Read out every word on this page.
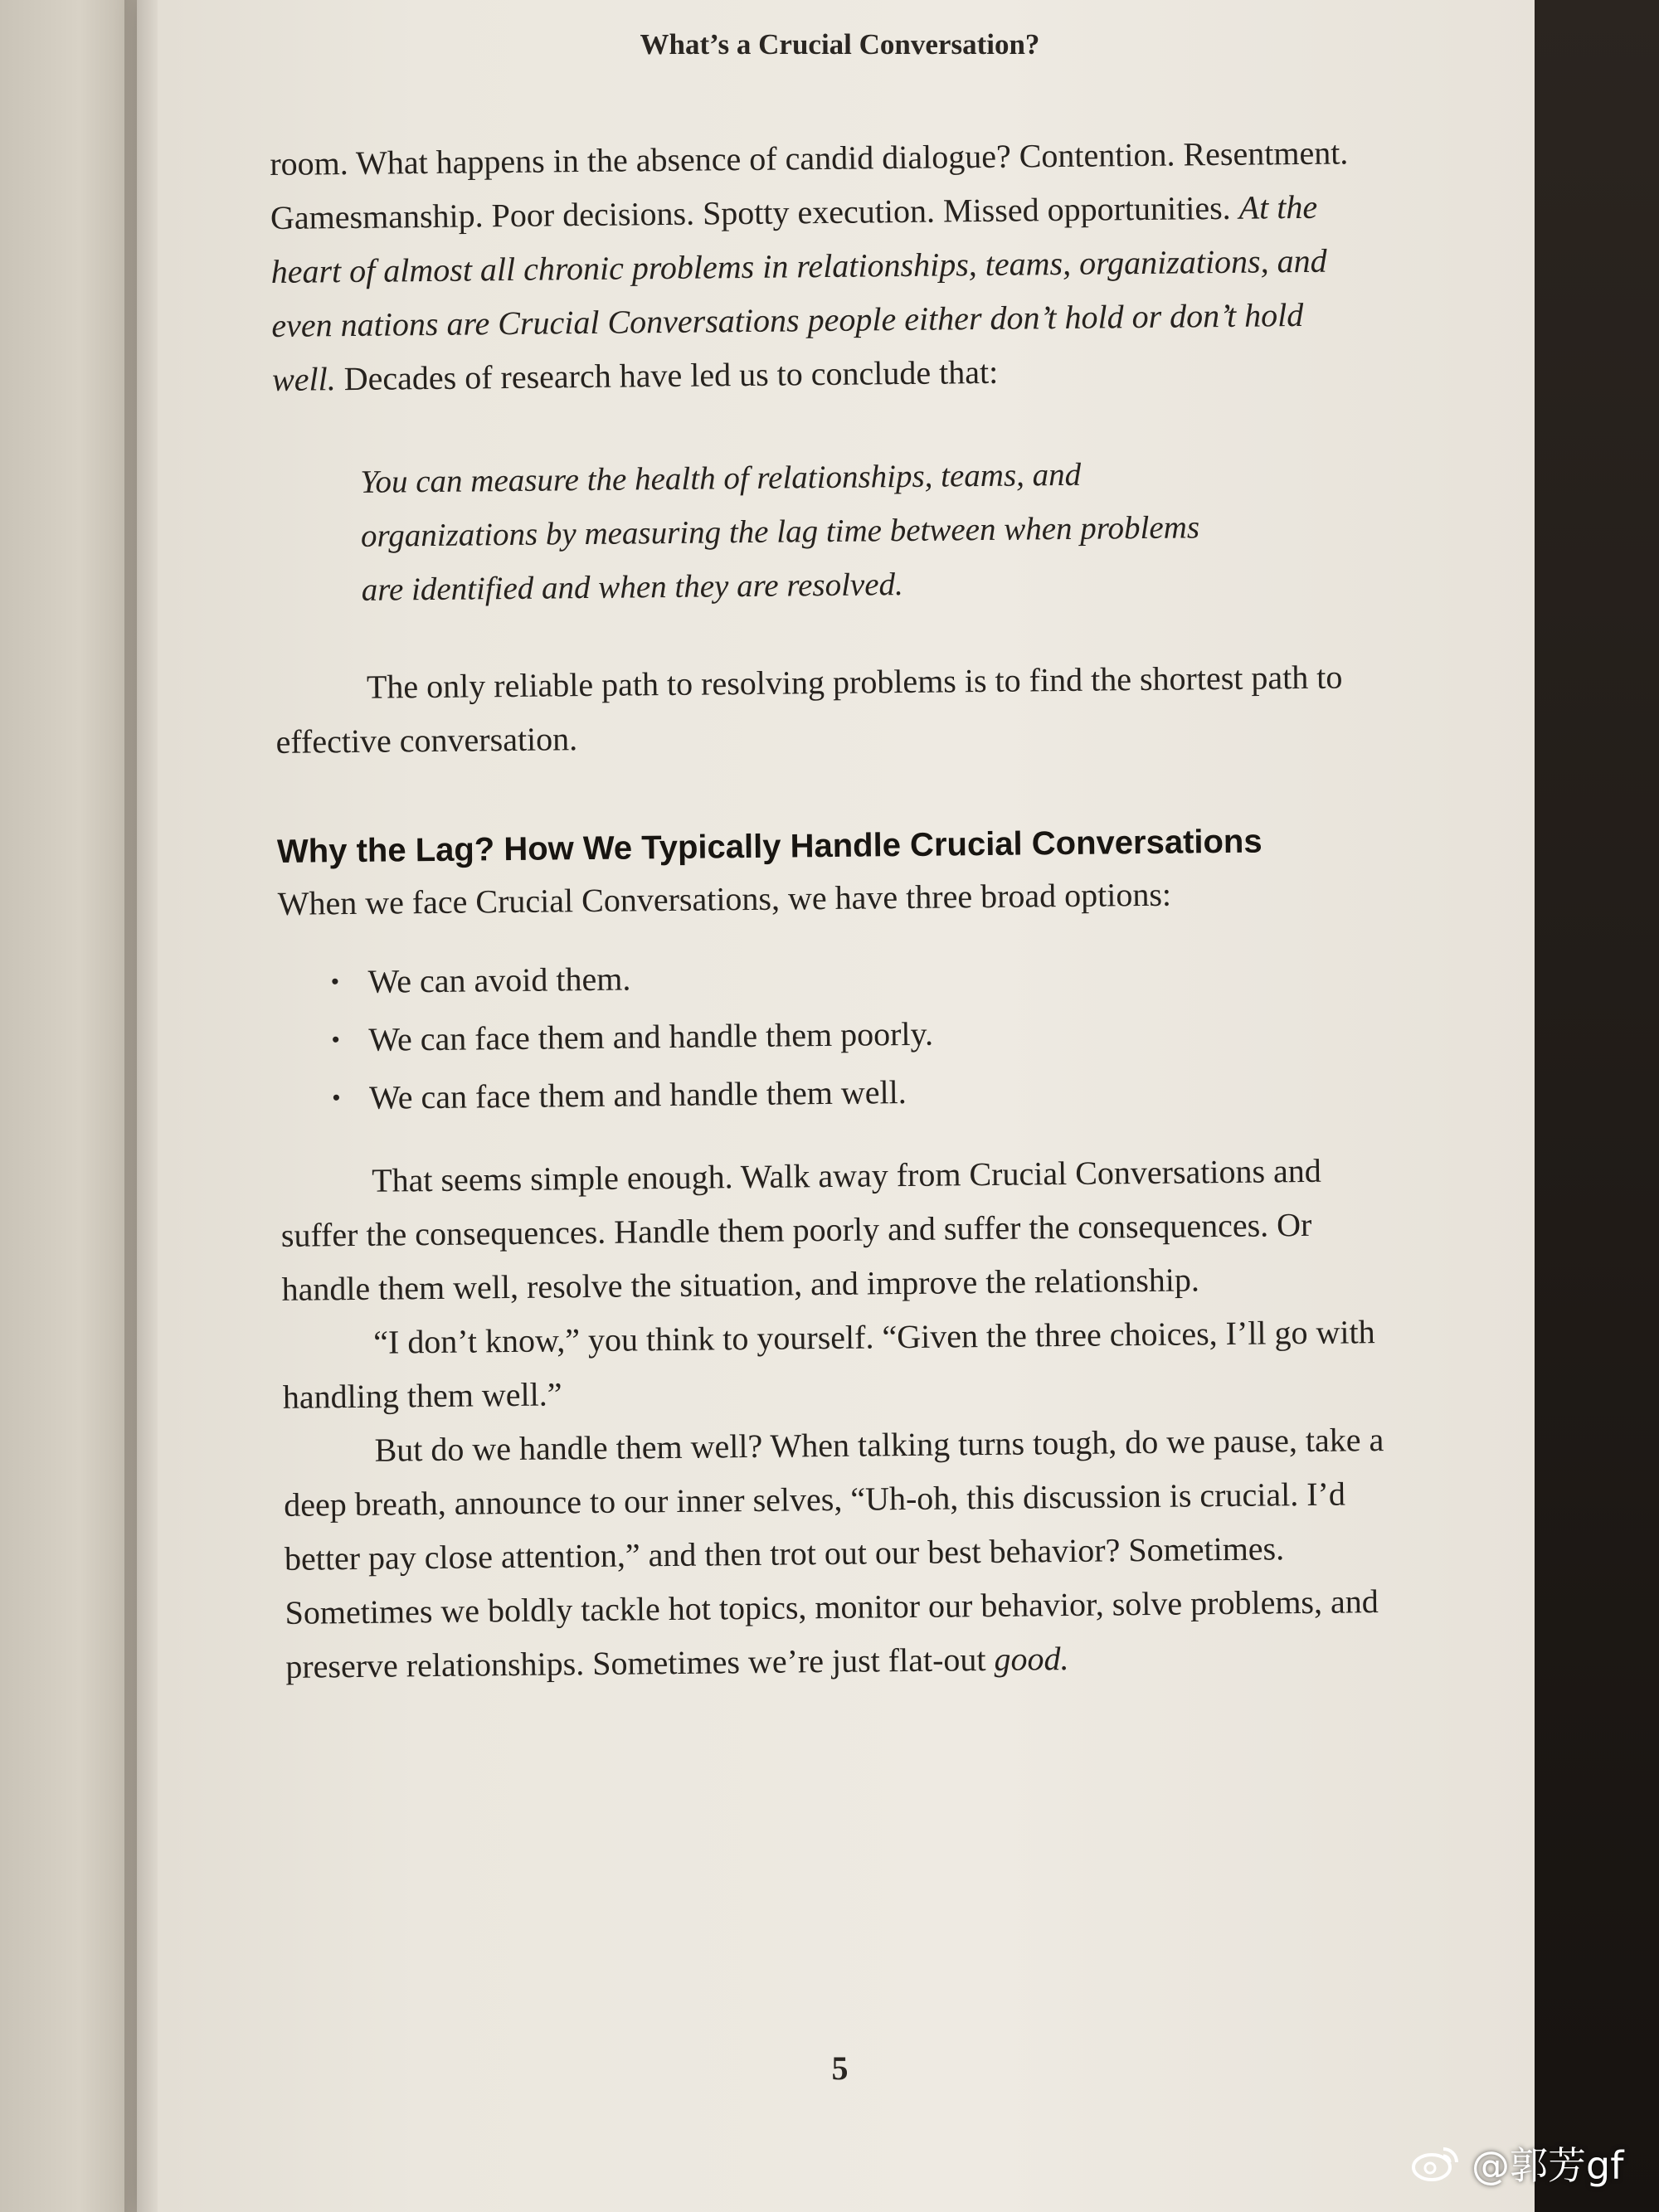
What’s a Crucial Conversation?

room. What happens in the absence of candid dialogue? Contention. Resentment. Gamesmanship. Poor decisions. Spotty execution. Missed opportunities. At the heart of almost all chronic problems in relationships, teams, organizations, and even nations are Crucial Conversations people either don’t hold or don’t hold well. Decades of research have led us to conclude that:

You can measure the health of relationships, teams, and organizations by measuring the lag time between when problems are identified and when they are resolved.

The only reliable path to resolving problems is to find the shortest path to effective conversation.

Why the Lag? How We Typically Handle Crucial Conversations

When we face Crucial Conversations, we have three broad options:

• We can avoid them.
• We can face them and handle them poorly.
• We can face them and handle them well.

That seems simple enough. Walk away from Crucial Conversations and suffer the consequences. Handle them poorly and suffer the consequences. Or handle them well, resolve the situation, and improve the relationship.

“I don’t know,” you think to yourself. “Given the three choices, I’ll go with handling them well.”

But do we handle them well? When talking turns tough, do we pause, take a deep breath, announce to our inner selves, “Uh-oh, this discussion is crucial. I’d better pay close attention,” and then trot out our best behavior? Sometimes. Sometimes we boldly tackle hot topics, monitor our behavior, solve problems, and preserve relationships. Sometimes we’re just flat-out good.

5
@郭芳gf
